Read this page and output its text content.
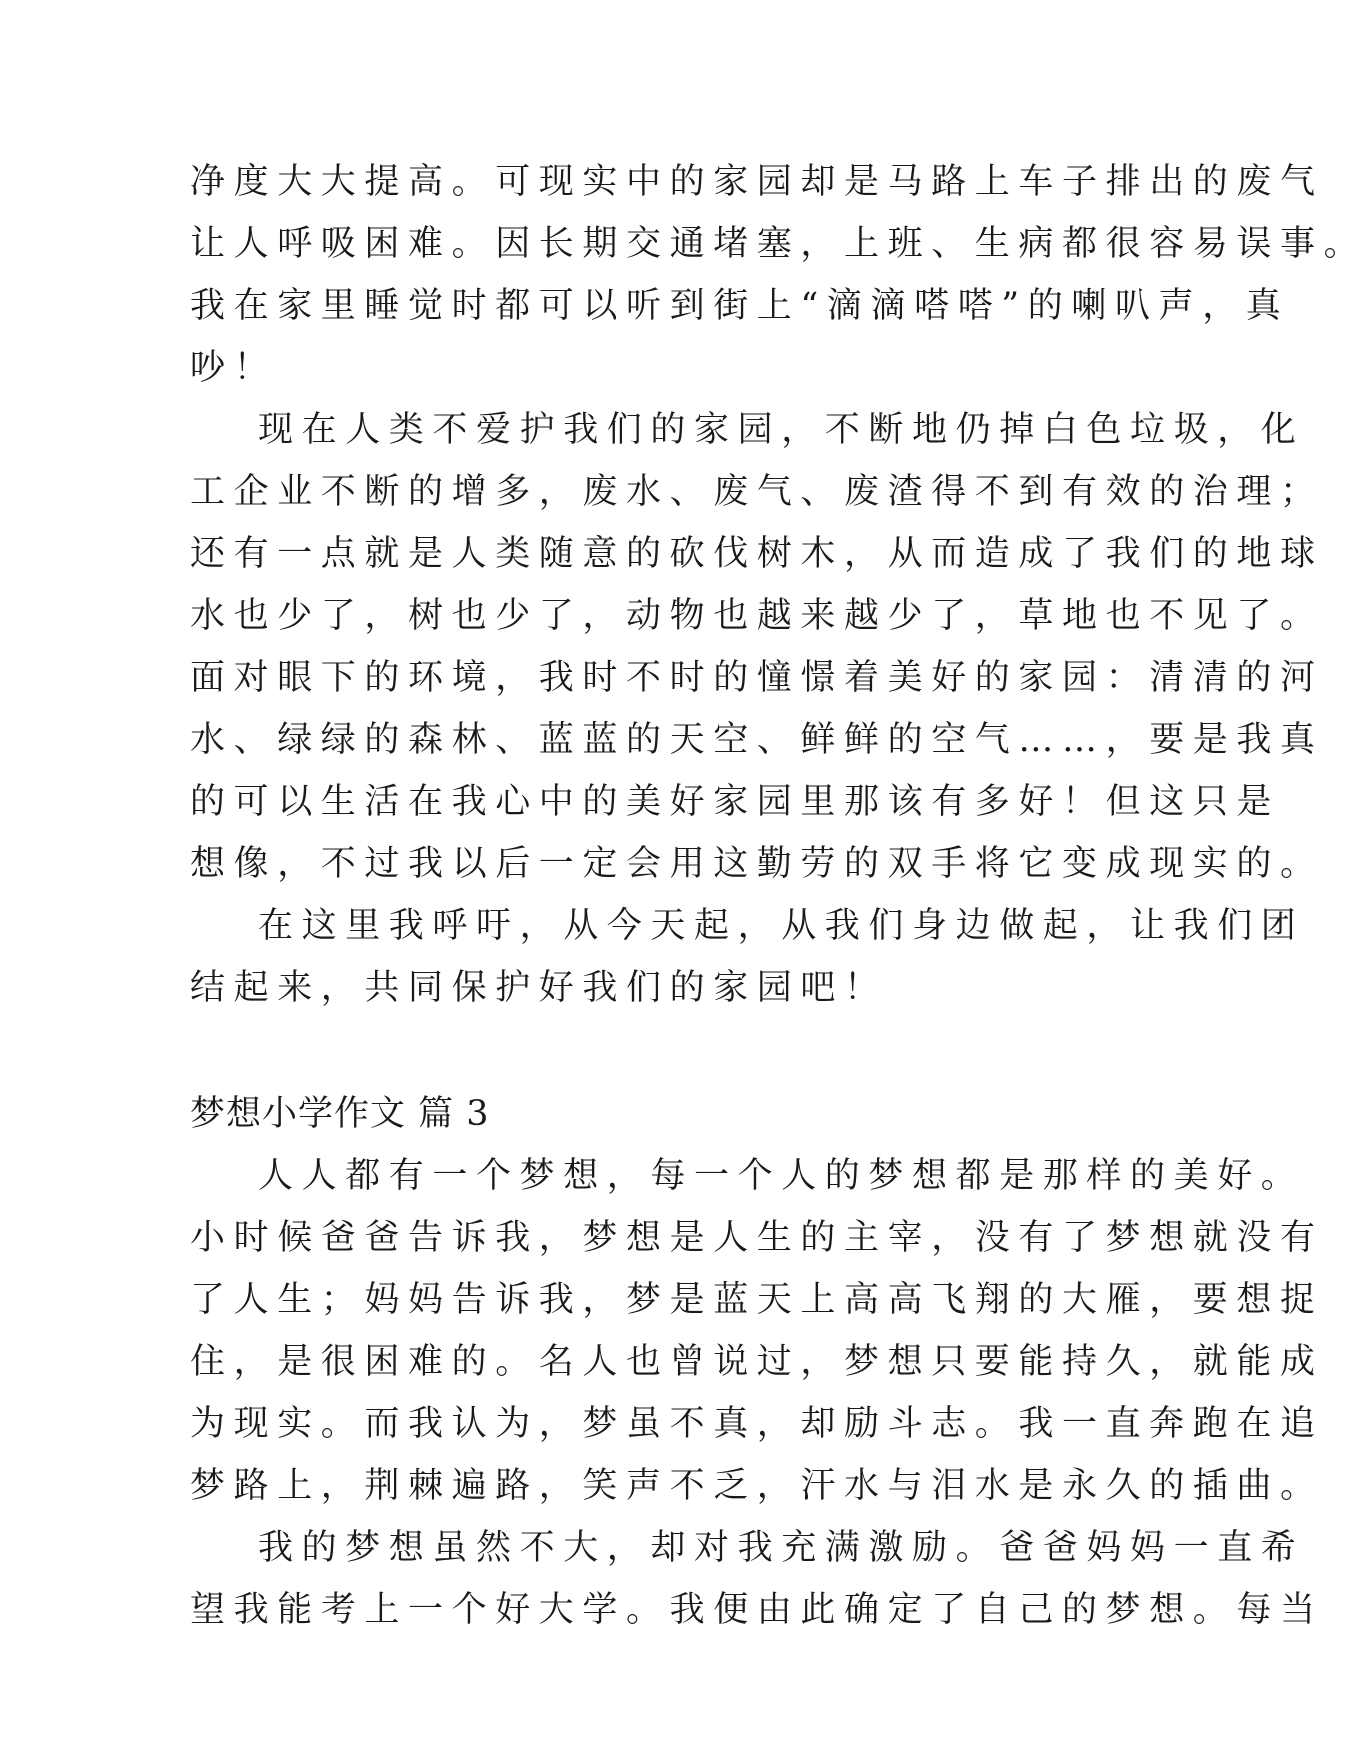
净度大大提高。可现实中的家园却是马路上车子排出的废气
让人呼吸困难。因长期交通堵塞，上班、生病都很容易误事。
我在家里睡觉时都可以听到街上“滴滴嗒嗒”的喇叭声，真
吵！
现在人类不爱护我们的家园，不断地仍掉白色垃圾，化
工企业不断的增多，废水、废气、废渣得不到有效的治理；
还有一点就是人类随意的砍伐树木，从而造成了我们的地球
水也少了，树也少了，动物也越来越少了，草地也不见了。
面对眼下的环境，我时不时的憧憬着美好的家园：清清的河
水、绿绿的森林、蓝蓝的天空、鲜鲜的空气……，要是我真
的可以生活在我心中的美好家园里那该有多好！但这只是
想像，不过我以后一定会用这勤劳的双手将它变成现实的。
在这里我呼吁，从今天起，从我们身边做起，让我们团
结起来，共同保护好我们的家园吧！
梦想小学作文 篇 3
人人都有一个梦想，每一个人的梦想都是那样的美好。
小时候爸爸告诉我，梦想是人生的主宰，没有了梦想就没有
了人生；妈妈告诉我，梦是蓝天上高高飞翔的大雁，要想捉
住，是很困难的。名人也曾说过，梦想只要能持久，就能成
为现实。而我认为，梦虽不真，却励斗志。我一直奔跑在追
梦路上，荆棘遍路，笑声不乏，汗水与泪水是永久的插曲。
我的梦想虽然不大，却对我充满激励。爸爸妈妈一直希
望我能考上一个好大学。我便由此确定了自己的梦想。每当
